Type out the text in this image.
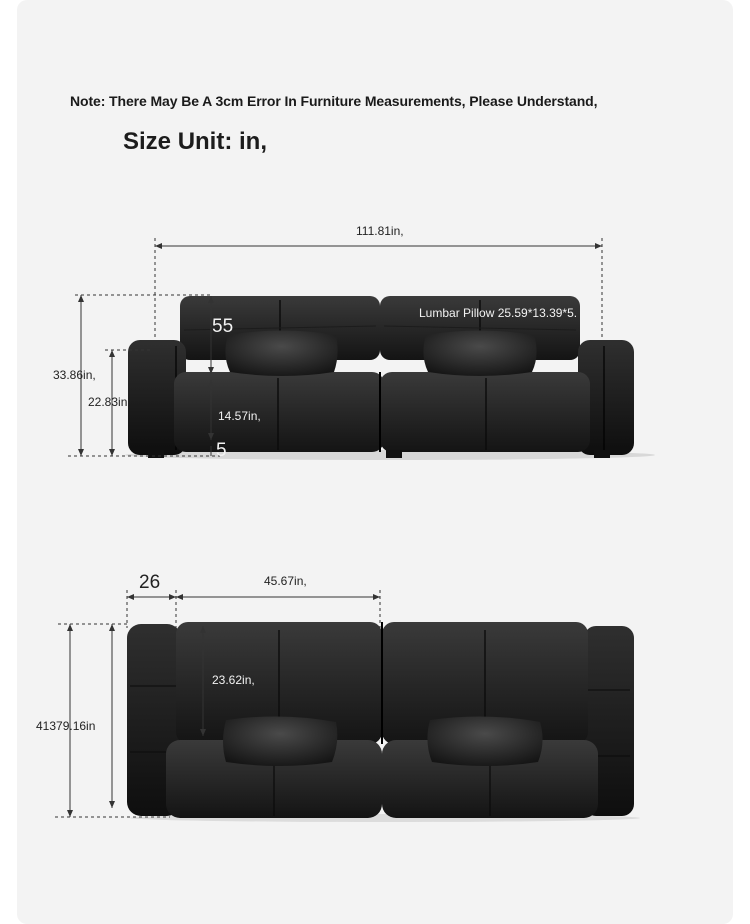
Note: There May Be A 3cm Error In Furniture Measurements, Please Understand,
Size Unit: in,
111.81in,
33.86in,
22.83in
55
14.57in,
5
Lumbar Pillow 25.59*13.39*5.
26	45.67in,
23.62in,
41379.16in
